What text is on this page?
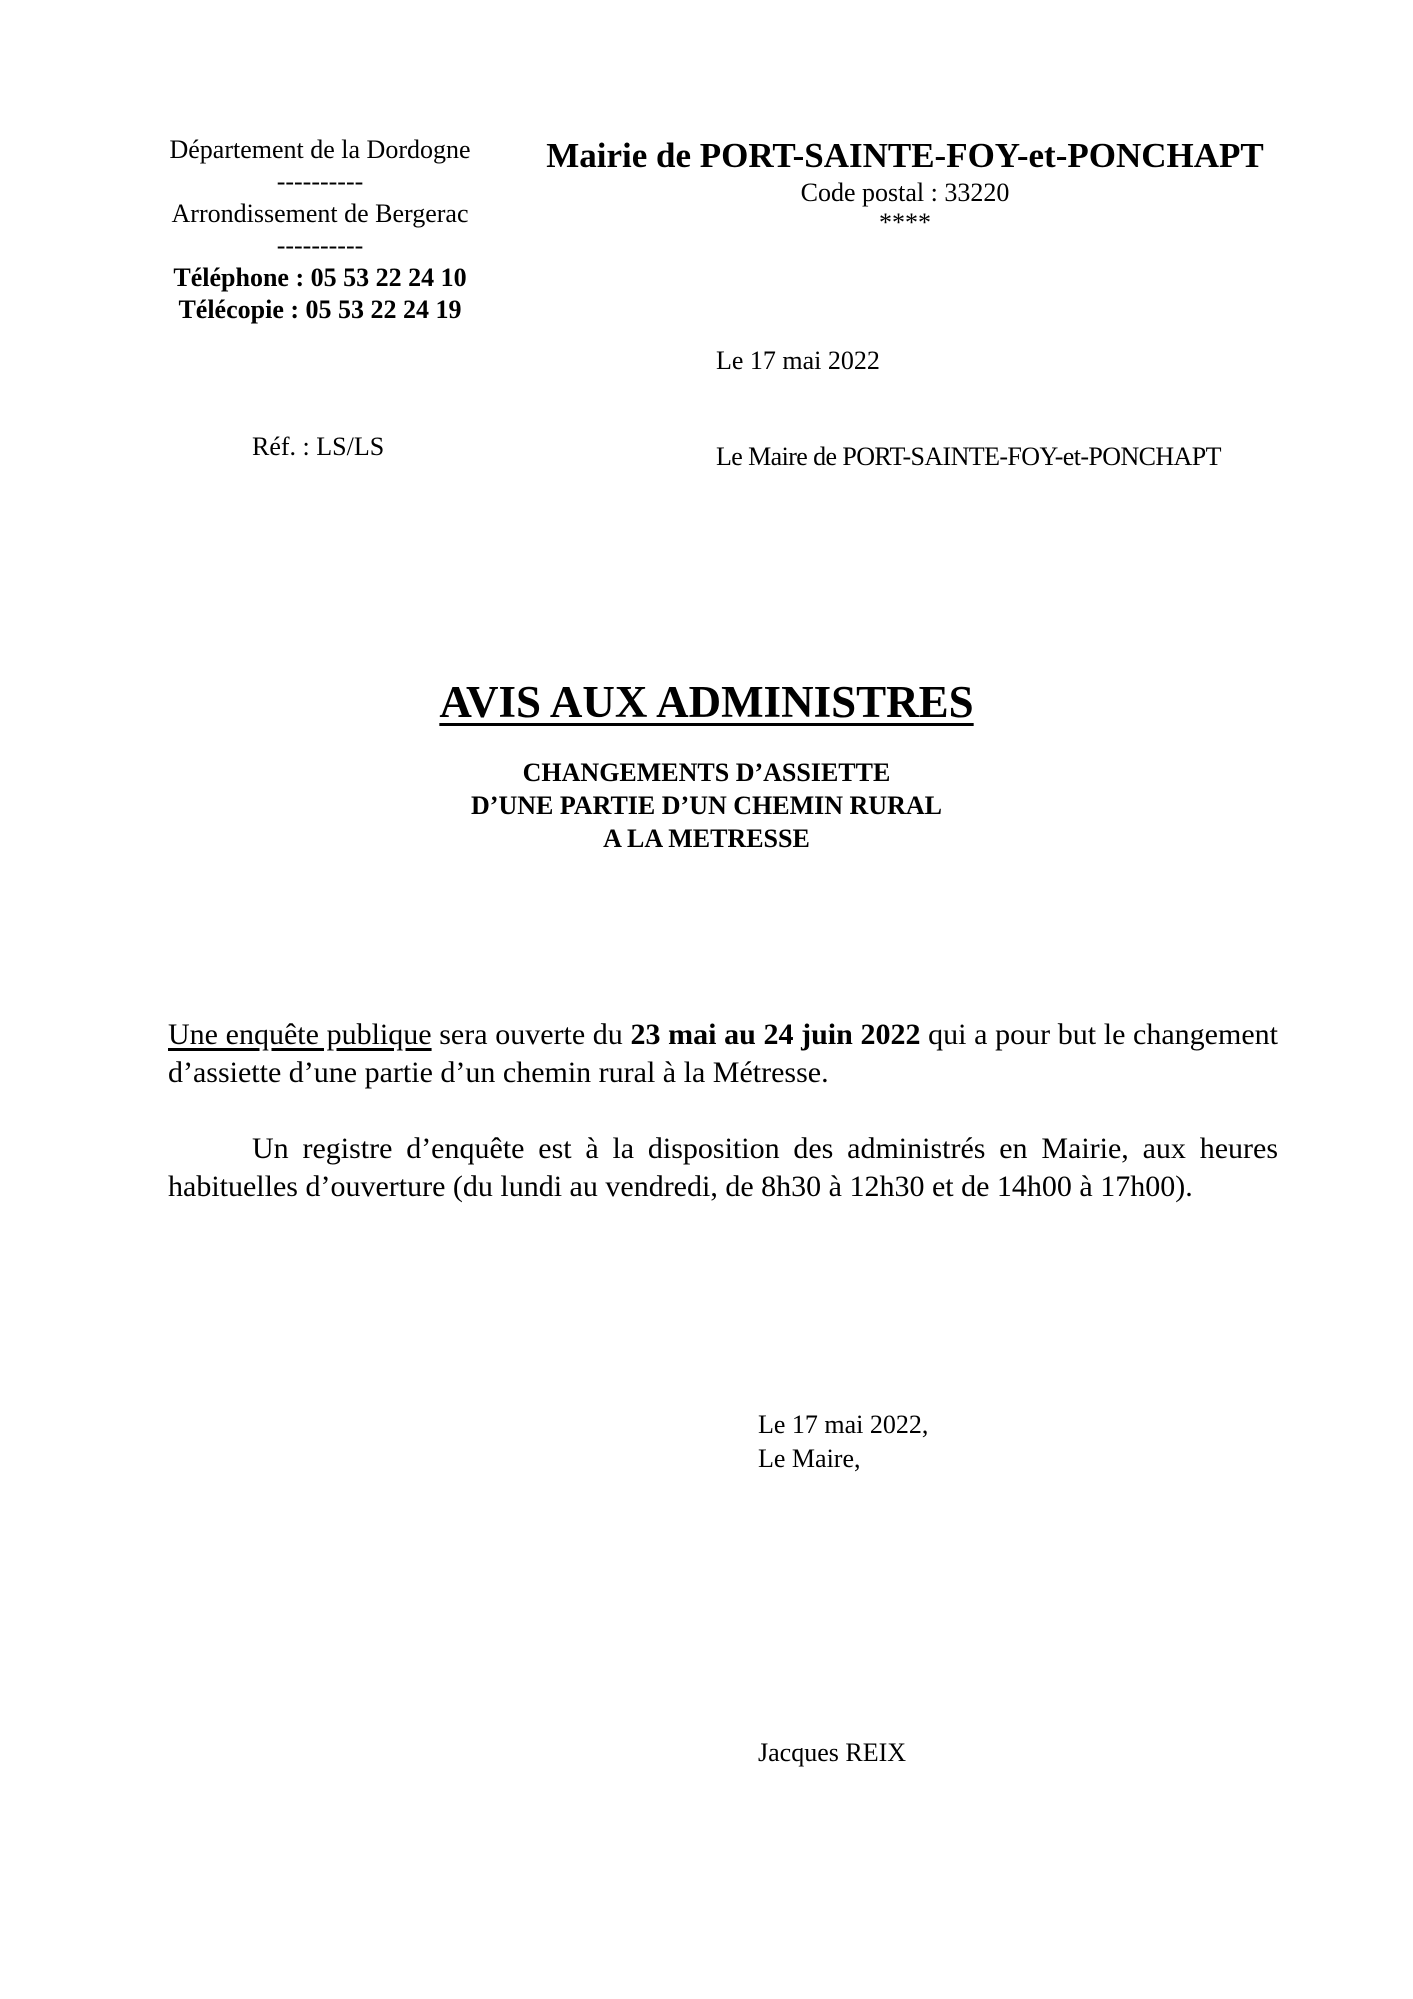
Département de la Dordogne
----------
Arrondissement de Bergerac
----------
Téléphone : 05 53 22 24 10
Télécopie : 05 53 22 24 19
Mairie de PORT-SAINTE-FOY-et-PONCHAPT
Code postal : 33220
****
Le 17 mai 2022
Réf. : LS/LS	Le Maire de PORT-SAINTE-FOY-et-PONCHAPT
AVIS AUX ADMINISTRES
CHANGEMENTS D’ASSIETTE
D’UNE PARTIE D’UN CHEMIN RURAL
A LA METRESSE
Une enquête publique sera ouverte du 23 mai au 24 juin 2022 qui a pour but le changement d’assiette d’une partie d’un chemin rural à la Métresse.
Un registre d’enquête est à la disposition des administrés en Mairie, aux heures habituelles d’ouverture (du lundi au vendredi, de 8h30 à 12h30 et de 14h00 à 17h00).
Le 17 mai 2022,
Le Maire,
Jacques REIX
